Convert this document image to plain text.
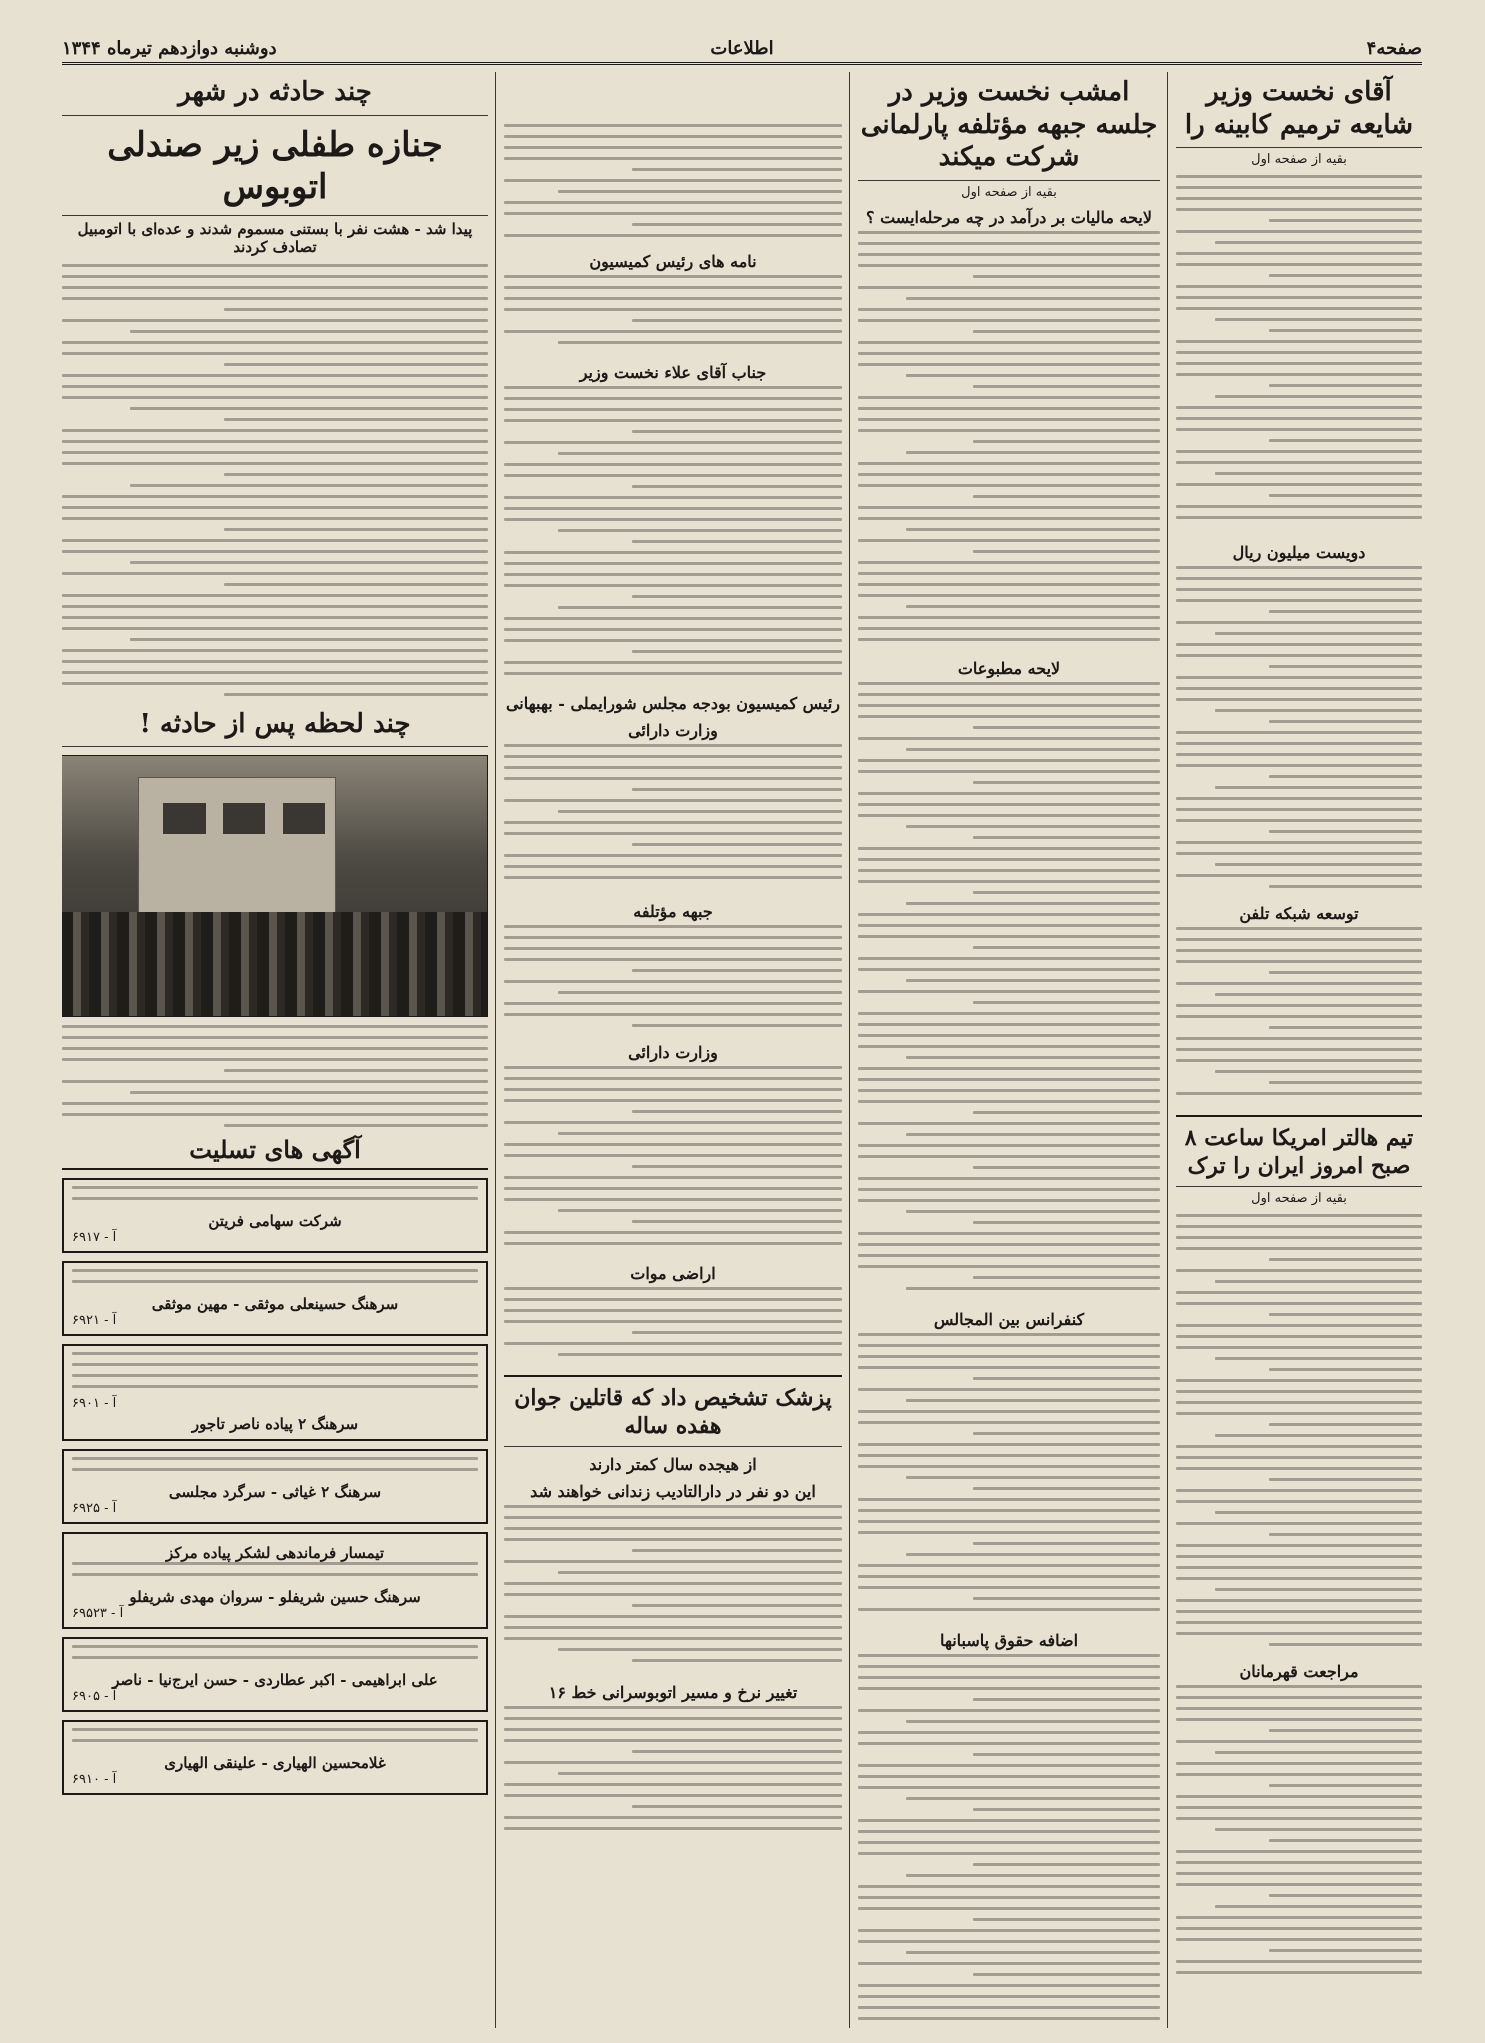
صفحه۴
اطلاعات
دوشنبه دوازدهم تیرماه ۱۳۴۴
آقای نخست وزیر شایعه ترمیم کابینه را
بقیه از صفحه اول
دویست میلیون ریال
توسعه شبکه تلفن
تیم هالتر امریکا ساعت ۸ صبح امروز ایران را ترک
بقیه از صفحه اول
مراجعت قهرمانان
امشب نخست وزیر در جلسه جبهه مؤتلفه پارلمانی شرکت میکند
بقیه از صفحه اول
لایحه مالیات بر درآمد در چه مرحله‌ایست ؟
لایحه مطبوعات
کنفرانس بین المجالس
اضافه حقوق پاسبانها
نامه های رئیس کمیسیون
جناب آقای علاء نخست وزیر
رئیس کمیسیون بودجه مجلس شورایملی - بهبهانی
وزارت دارائی
جبهه مؤتلفه
وزارت دارائی
اراضی موات
پزشک تشخیص داد که قاتلین جوان هفده ساله
از هیجده سال کمتر دارند
این دو نفر در دارالتادیب زندانی خواهند شد
تغییر نرخ و مسیر اتوبوسرانی خط ۱۶
چند حادثه در شهر
جنازه طفلی زیر صندلی اتوبوس
پیدا شد - هشت نفر با بستنی مسموم شدند و عده‌ای با اتومبیل تصادف کردند
چند لحظه پس از حادثه !
آگهی های تسلیت
شرکت سهامی فریتن
آ - ۶۹۱۷
سرهنگ حسینعلی موثقی - مهین موثقی
آ - ۶۹۲۱
آ - ۶۹۰۱
سرهنگ ۲ پیاده ناصر تاجور
سرهنگ ۲ غیاثی - سرگرد مجلسی
آ - ۶۹۲۵
تیمسار فرماندهی لشکر پیاده مرکز
سرهنگ حسین شریفلو - سروان مهدی شریفلو
آ - ۶۹۵۲۳
علی ابراهیمی - اکبر عطاردی - حسن ایرج‌نیا - ناصر
آ - ۶۹۰۵
غلامحسین الهیاری - علینقی الهیاری
آ - ۶۹۱۰
